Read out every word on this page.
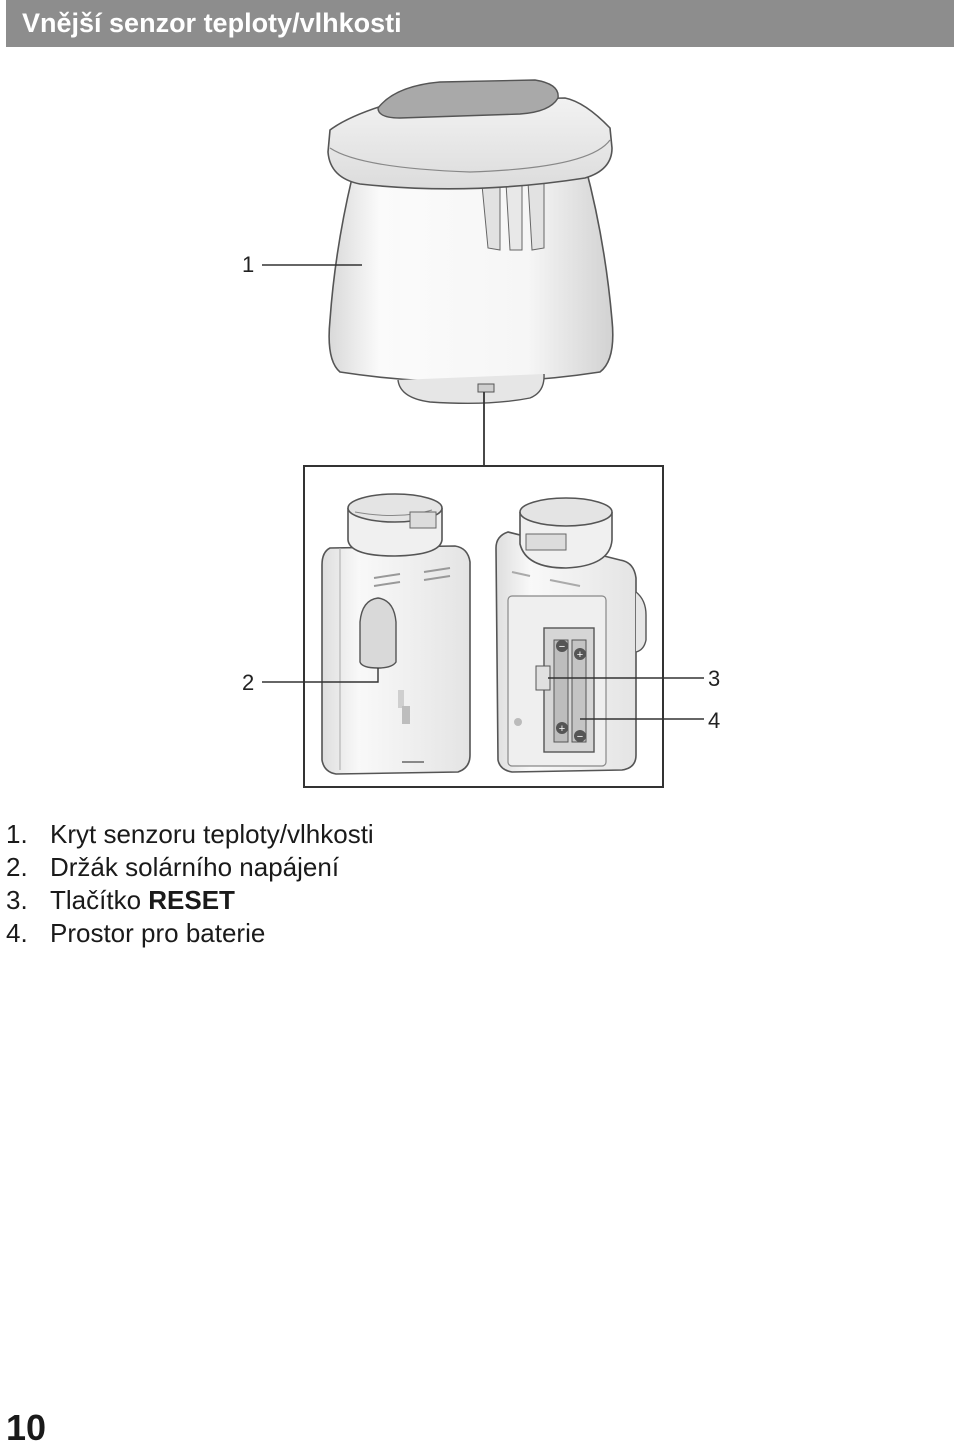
Vnější senzor teploty/vlhkosti
−
+
+
−
1
2	3
4
1. Kryt senzoru teploty/vlhkosti
2. Držák solárního napájení
3. Tlačítko RESET
4. Prostor pro baterie
10
